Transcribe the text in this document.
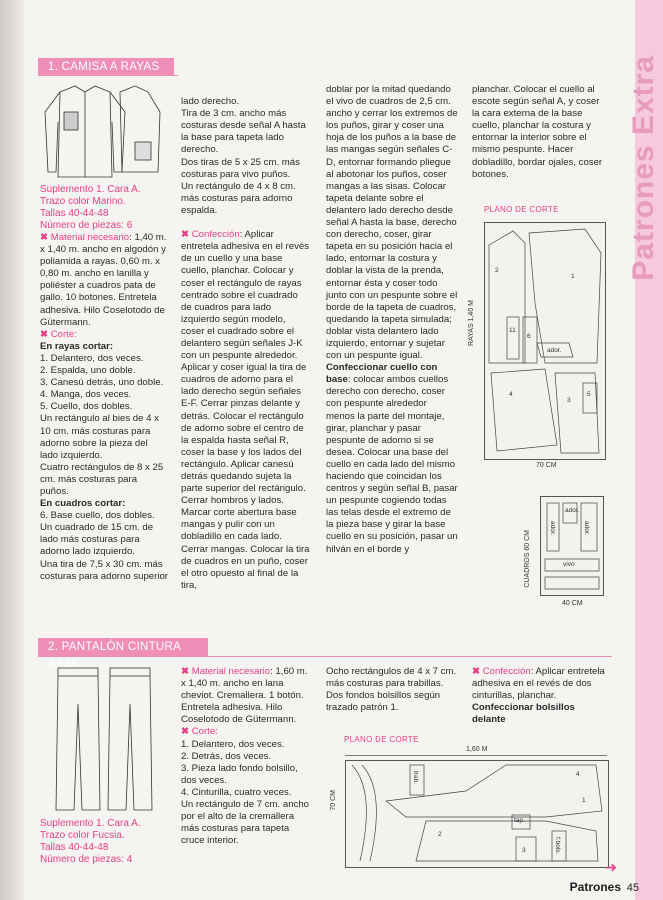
Patrones Extra
1. CAMISA A RAYAS
Suplemento 1. Cara A.
Trazo color Marino.
Tallas 40-44-48
Número de piezas: 6

✖ Material necesario: 1,40 m. x 1,40 m. ancho en algodón y poliamida a rayas. 0,60 m. x 0,80 m. ancho en lanilla y poliéster a cuadros pata de gallo. 10 botones. Entretela adhesiva. Hilo Coselotodo de Gütermann.

✖ Corte:

En rayas cortar:

1. Delantero, dos veces.

2. Espalda, uno doble.

3. Canesú detrás, uno doble.

4. Manga, dos veces.

5. Cuello, dos dobles.

Un rectángulo al bies de 4 x 10 cm. más costuras para adorno sobre la pieza del lado izquierdo.

Cuatro rectángulos de 8 x 25 cm. más costuras para puños.

En cuadros cortar:

6. Base cuello, dos dobles.

Un cuadrado de 15 cm. de lado más costuras para adorno lado izquierdo.

Una tira de 7,5 x 30 cm. más costuras para adorno superior

lado derecho.
Tira de 3 cm. ancho más costuras desde señal A hasta la base para tapeta lado derecho.
Dos tiras de 5 x 25 cm. más costuras para vivo puños.
Un rectángulo de 4 x 8 cm. más costuras para adorno espalda.

✖ Confección: Aplicar entretela adhesiva en el revés de un cuello y una base cuello, planchar. Colocar y coser el rectángulo de rayas centrado sobre el cuadrado de cuadros para lado izquierdo según modelo, coser el cuadrado sobre el delantero según señales J-K con un pespunte alrededor. Aplicar y coser igual la tira de cuadros de adorno para el lado derecho según señales E-F. Cerrar pinzas delante y detrás. Colocar el rectángulo de adorno sobre el centro de la espalda hasta señal R, coser la base y los lados del rectángulo. Aplicar canesú detrás quedando sujeta la parte superior del rectángulo. Cerrar hombros y lados. Marcar corte abertura base mangas y pulir con un dobladillo en cada lado. Cerrar mangas. Colocar la tira de cuadros en un puño, coser el otro opuesto al final de la tira,

doblar por la mitad quedando el vivo de cuadros de 2,5 cm. ancho y cerrar los extremos de los puños, girar y coser una hoja de los puños a la base de las mangas según señales C-D, entornar formando pliegue al abotonar los puños, coser mangas a las sisas. Colocar tapeta delante sobre el delantero lado derecho desde señal A hasta la base, derecho con derecho, coser, girar tapeta en su posición hacia el lado, entornar la costura y doblar la vista de la prenda, entornar ésta y coser todo junto con un pespunte sobre el borde de la tapeta de cuadros, quedando la tapeta simulada; doblar vista delantero lado izquierdo, entornar y sujetar con un pespunte igual. Confeccionar cuello con base: colocar ambos cuellos derecho con derecho, coser con pespunte alrededor menos la parte del montaje, girar, planchar y pasar pespunte de adorno si se desea. Colocar una base del cuello en cada lado del mismo haciendo que coincidan los centros y según señal B, pasar un pespunte cogiendo todas las telas desde el extremo de la pieza base y girar la base cuello en su posición, pasar un hilván en el borde y

planchar. Colocar el cuello al escote según señal A, y coser la cara externa de la base cuello, planchar la costura y entornar la interior sobre el mismo pespunte. Hacer dobladillo, bordar ojales, coser botones.

PLANO DE CORTE
2
1
11
6
4
3
5
ador.
RAYAS 1,40 M
70 CM
ador.
ador.
vivo
ador.
CUADROS 60 CM
40 CM
2. PANTALÓN CINTURA BAJA
Suplemento 1. Cara A.
Trazo color Fucsia.
Tallas 40-44-48
Número de piezas: 4

✖ Material necesario: 1,60 m. x 1,40 m. ancho en lana cheviot. Cremallera. 1 botón. Entretela adhesiva. Hilo Coselotodo de Gütermann.

✖ Corte:

1. Delantero, dos veces.

2. Detrás, dos veces.

3. Pieza lado fondo bolsillo, dos veces.

4. Cinturilla, cuatro veces.

Un rectángulo de 7 cm. ancho por el alto de la cremallera más costuras para tapeta cruce interior.

Ocho rectángulos de 4 x 7 cm. más costuras para trabillas.

Dos fondos bolsillos según trazado patrón 1.

✖ Confección: Aplicar entretela adhesiva en el revés de dos cinturillas, planchar. Confeccionar bolsillos delante

PLANO DE CORTE
1,60 M
70 CM
trab.
2
4
1
tap.
3	f.bols.
➜
Patrones 45
